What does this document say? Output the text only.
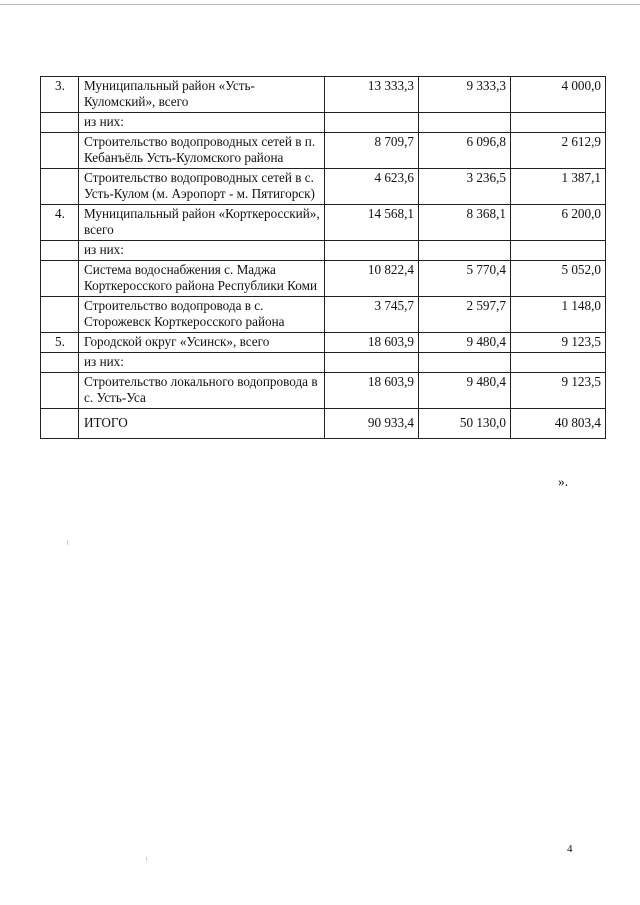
3.	Муниципальный район «Усть-Куломский», всего	13 333,3	9 333,3	4 000,0
	из них:			
	Строительство водопроводных сетей в п. Кебанъёль Усть-Куломского района	8 709,7	6 096,8	2 612,9
	Строительство водопроводных сетей в с. Усть-Кулом (м. Аэропорт - м. Пятигорск)	4 623,6	3 236,5	1 387,1
4.	Муниципальный район «Корткеросский», всего	14 568,1	8 368,1	6 200,0
	из них:			
	Система водоснабжения с. Маджа Корткеросского района Республики Коми	10 822,4	5 770,4	5 052,0
	Строительство водопровода в с. Сторожевск Корткеросского района	3 745,7	2 597,7	1 148,0
5.	Городской округ «Усинск», всего	18 603,9	9 480,4	9 123,5
	из них:			
	Строительство локального водопровода в с. Усть-Уса	18 603,9	9 480,4	9 123,5
	ИТОГО	90 933,4	50 130,0	40 803,4
».
4
